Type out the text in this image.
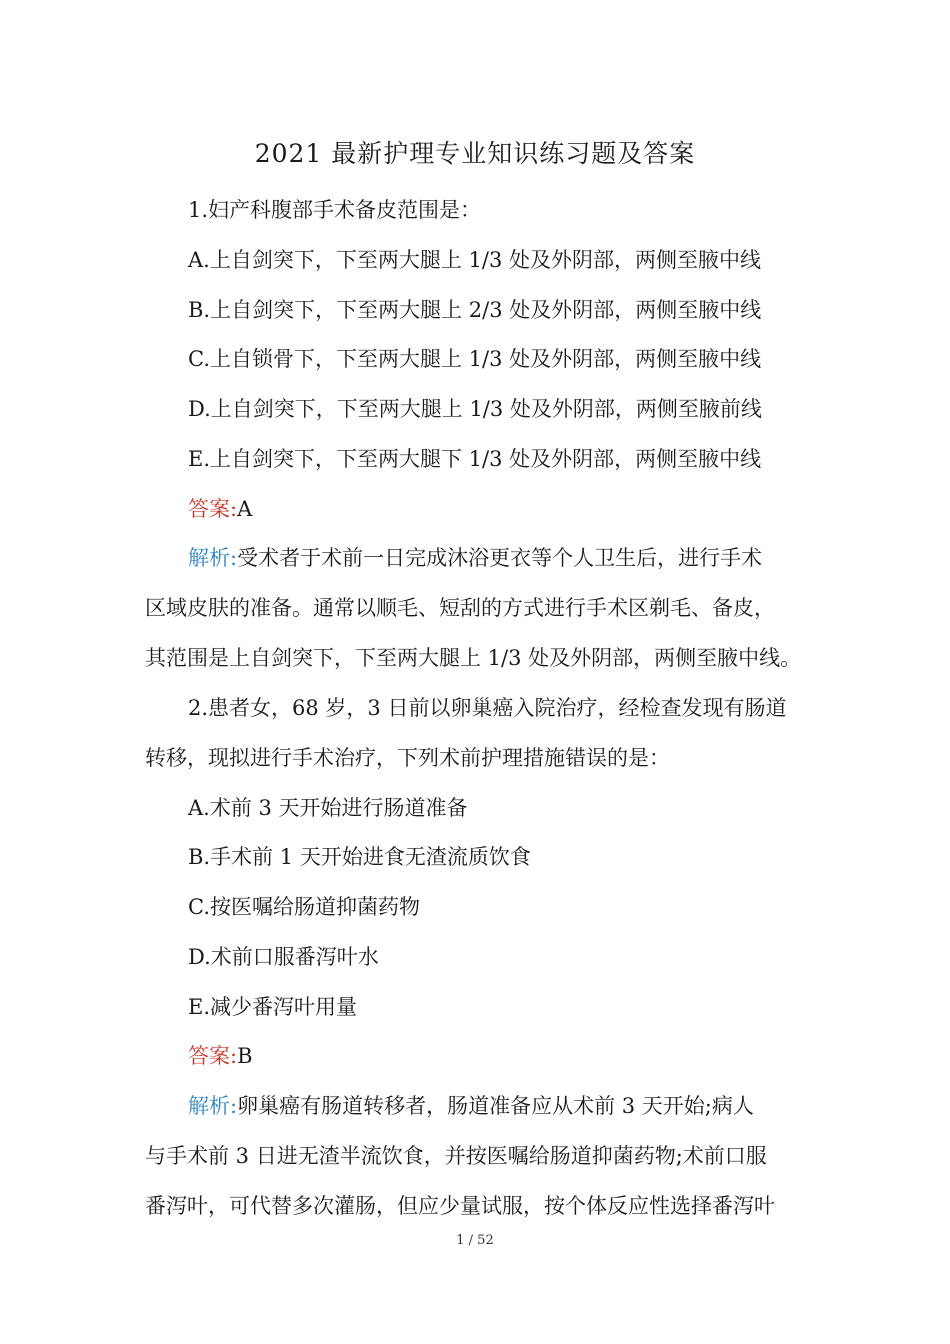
2021 最新护理专业知识练习题及答案
1.妇产科腹部手术备皮范围是：
A.上自剑突下，下至两大腿上 1/3 处及外阴部，两侧至腋中线
B.上自剑突下，下至两大腿上 2/3 处及外阴部，两侧至腋中线
C.上自锁骨下，下至两大腿上 1/3 处及外阴部，两侧至腋中线
D.上自剑突下，下至两大腿上 1/3 处及外阴部，两侧至腋前线
E.上自剑突下，下至两大腿下 1/3 处及外阴部，两侧至腋中线
答案:A
解析:受术者于术前一日完成沐浴更衣等个人卫生后，进行手术
区域皮肤的准备。通常以顺毛、短刮的方式进行手术区剃毛、备皮，
其范围是上自剑突下，下至两大腿上 1/3 处及外阴部，两侧至腋中线。
2.患者女，68 岁，3 日前以卵巢癌入院治疗，经检查发现有肠道
转移，现拟进行手术治疗，下列术前护理措施错误的是：
A.术前 3 天开始进行肠道准备
B.手术前 1 天开始进食无渣流质饮食
C.按医嘱给肠道抑菌药物
D.术前口服番泻叶水
E.减少番泻叶用量
答案:B
解析:卵巢癌有肠道转移者，肠道准备应从术前 3 天开始;病人
与手术前 3 日进无渣半流饮食，并按医嘱给肠道抑菌药物;术前口服
番泻叶，可代替多次灌肠，但应少量试服，按个体反应性选择番泻叶
1 / 52
